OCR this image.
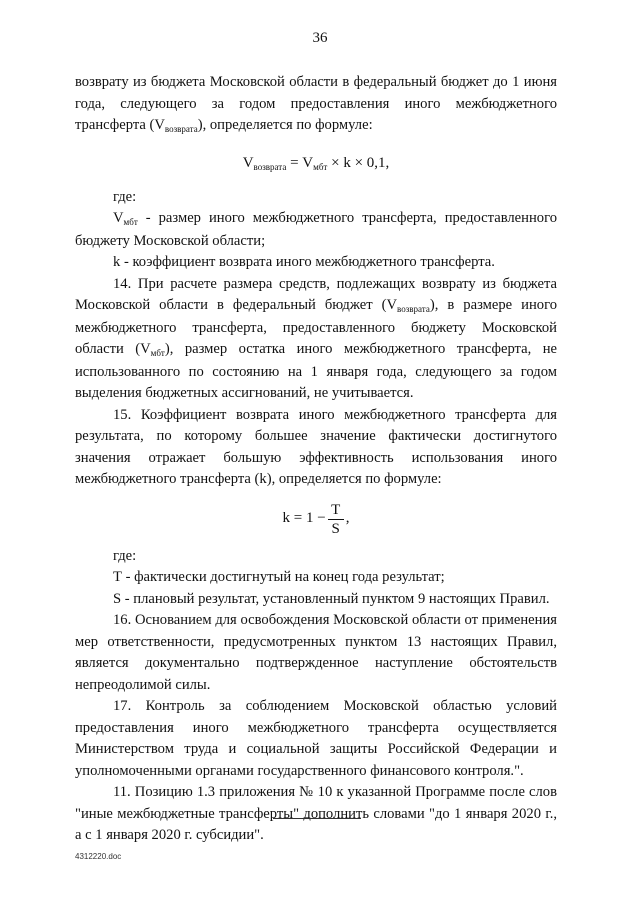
36

возврату из бюджета Московской области в федеральный бюджет до 1 июня года, следующего за годом предоставления иного межбюджетного трансферта $(V_{возврата})$, определяется по формуле:

$V_{возврата} = V_{мбт} \times k \times 0,1$,

где:

$V_{мбт}$ - размер иного межбюджетного трансферта, предоставленного бюджету Московской области;

k - коэффициент возврата иного межбюджетного трансферта.

14. При расчете размера средств, подлежащих возврату из бюджета Московской области в федеральный бюджет $(V_{возврата})$, в размере иного межбюджетного трансферта, предоставленного бюджету Московской области $(V_{мбт})$, размер остатка иного межбюджетного трансферта, не использованного по состоянию на 1 января года, следующего за годом выделения бюджетных ассигнований, не учитывается.

15. Коэффициент возврата иного межбюджетного трансферта для результата, по которому большее значение фактически достигнутого значения отражает большую эффективность использования иного межбюджетного трансферта (k), определяется по формуле:

$k = 1 - \frac{T}{S}$ ,

где:

Т - фактически достигнутый на конец года результат;

S - плановый результат, установленный пунктом 9 настоящих Правил.

16. Основанием для освобождения Московской области от применения мер ответственности, предусмотренных пунктом 13 настоящих Правил, является документально подтвержденное наступление обстоятельств непреодолимой силы.

17. Контроль за соблюдением Московской областью условий предоставления иного межбюджетного трансферта осуществляется Министерством труда и социальной защиты Российской Федерации и уполномоченными органами государственного финансового контроля.".

11. Позицию 1.3 приложения № 10 к указанной Программе после слов "иные межбюджетные трансферты" дополнить словами "до 1 января 2020 г., а с 1 января 2020 г. субсидии".

4312220.doc
